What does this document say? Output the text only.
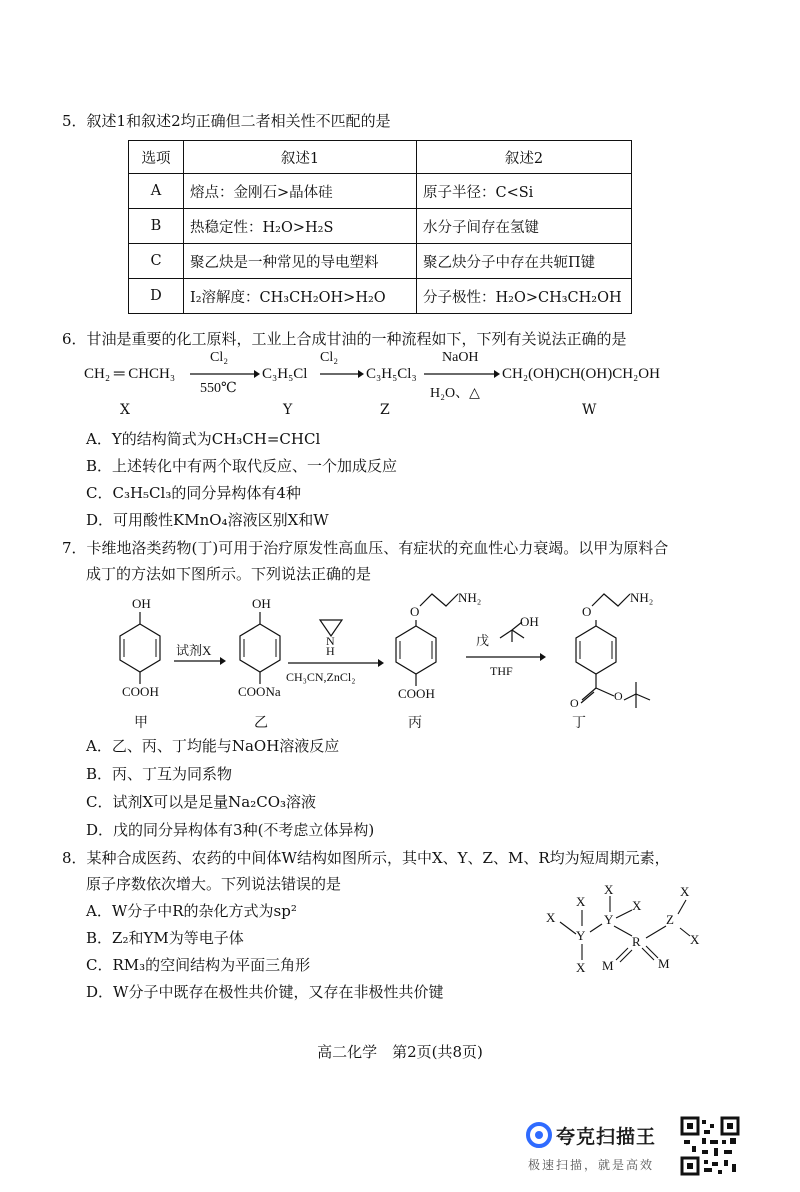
5．叙述1和叙述2均正确但二者相关性不匹配的是
选项	叙述1	叙述2
A	熔点：金刚石>晶体硅	原子半径：C<Si
B	热稳定性：H₂O>H₂S	水分子间存在氢键
C	聚乙炔是一种常见的导电塑料	聚乙炔分子中存在共轭Π键
D	I₂溶解度：CH₃CH₂OH>H₂O	分子极性：H₂O>CH₃CH₂OH
6．甘油是重要的化工原料，工业上合成甘油的一种流程如下，下列有关说法正确的是
CH₂ ═ CHCH₃
Cl₂
550℃
C₃H₅Cl
Cl₂
→ C₃H₅Cl₃
NaOH
H₂O、△
CH₂(OH)CH(OH)CH₂OH
X	Y	Z	W
A．Y的结构简式为CH₃CH=CHCl
B．上述转化中有两个取代反应、一个加成反应
C．C₃H₅Cl₃的同分异构体有4种
D．可用酸性KMnO₄溶液区别X和W
7．卡维地洛类药物(丁)可用于治疗原发性高血压、有症状的充血性心力衰竭。以甲为原料合
成丁的方法如下图所示。下列说法正确的是
OH
COOH
甲
试剂X
OH
COONa
乙
N
H
CH₃CN,ZnCl₂
O
NH₂
COOH
丙
戊
OH
THF
O
NH₂
O	O
丁
A．乙、丙、丁均能与NaOH溶液反应
B．丙、丁互为同系物
C．试剂X可以是足量Na₂CO₃溶液
D．戊的同分异构体有3种(不考虑立体异构)
8．某种合成医药、农药的中间体W结构如图所示，其中X、Y、Z、M、R均为短周期元素，
原子序数依次增大。下列说法错误的是
A．W分子中R的杂化方式为sp²
B．Z₂和YM为等电子体
C．RM₃的空间结构为平面三角形
D．W分子中既存在极性共价键，又存在非极性共价键
X
X
Y
X
X
Y
X
R
M	M
Z
X
X
高二化学　第2页(共8页)
夸克扫描王
极速扫描，就是高效
